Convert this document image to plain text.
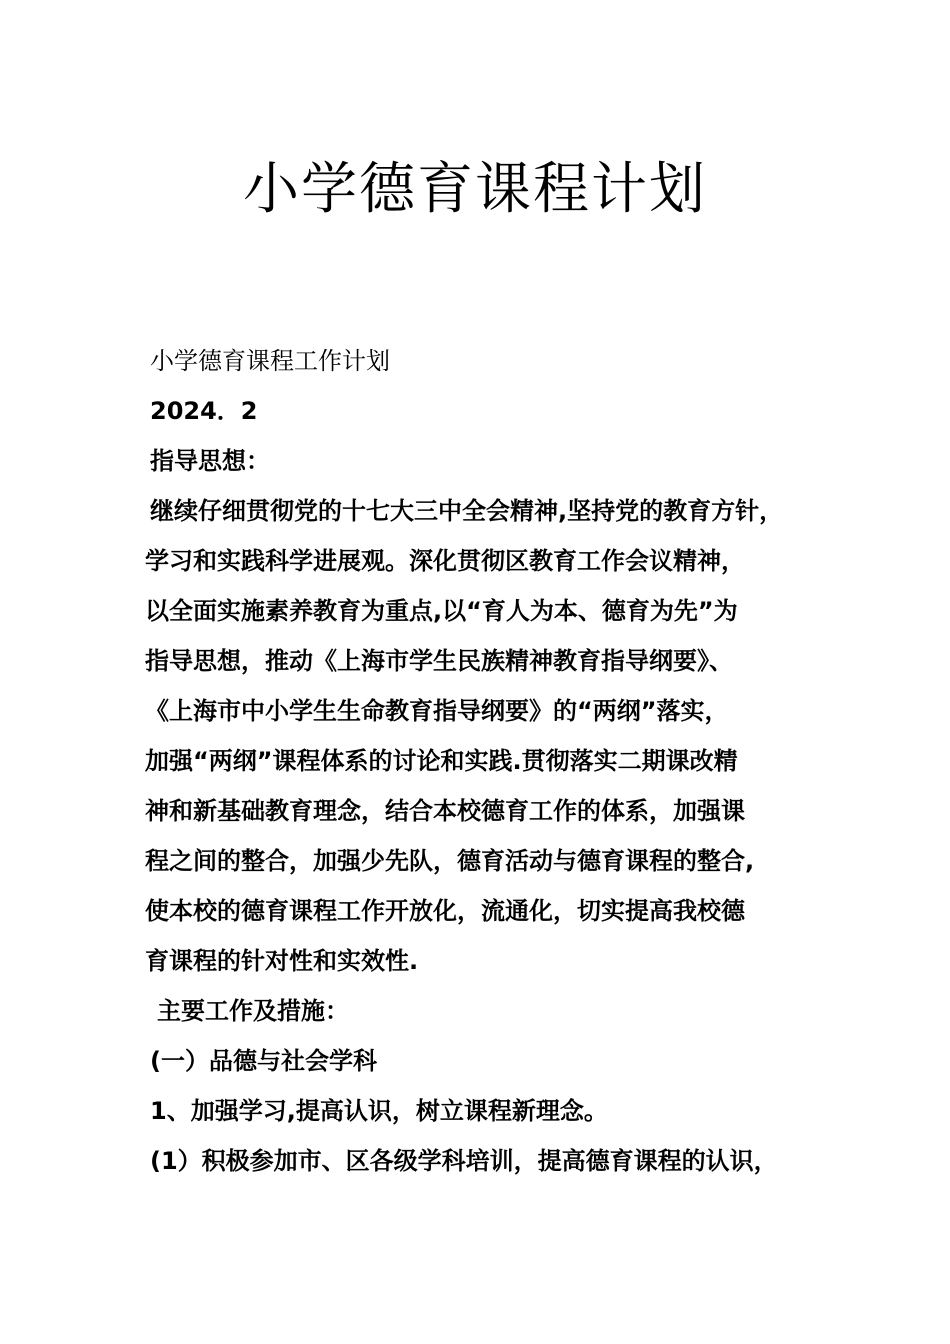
小学德育课程计划
小学德育课程工作计划
2024．2
指导思想：
继续仔细贯彻党的十七大三中全会精神,坚持党的教育方针，
学习和实践科学进展观。深化贯彻区教育工作会议精神，
以全面实施素养教育为重点,以“育人为本、德育为先”为
指导思想，推动《上海市学生民族精神教育指导纲要》、
《上海市中小学生生命教育指导纲要》的“两纲”落实，
加强“两纲”课程体系的讨论和实践.贯彻落实二期课改精
神和新基础教育理念，结合本校德育工作的体系，加强课
程之间的整合，加强少先队，德育活动与德育课程的整合,
使本校的德育课程工作开放化，流通化，切实提高我校德
育课程的针对性和实效性.
主要工作及措施：
(一）品德与社会学科
1、加强学习,提高认识，树立课程新理念。
(1）积极参加市、区各级学科培训，提高德育课程的认识，
